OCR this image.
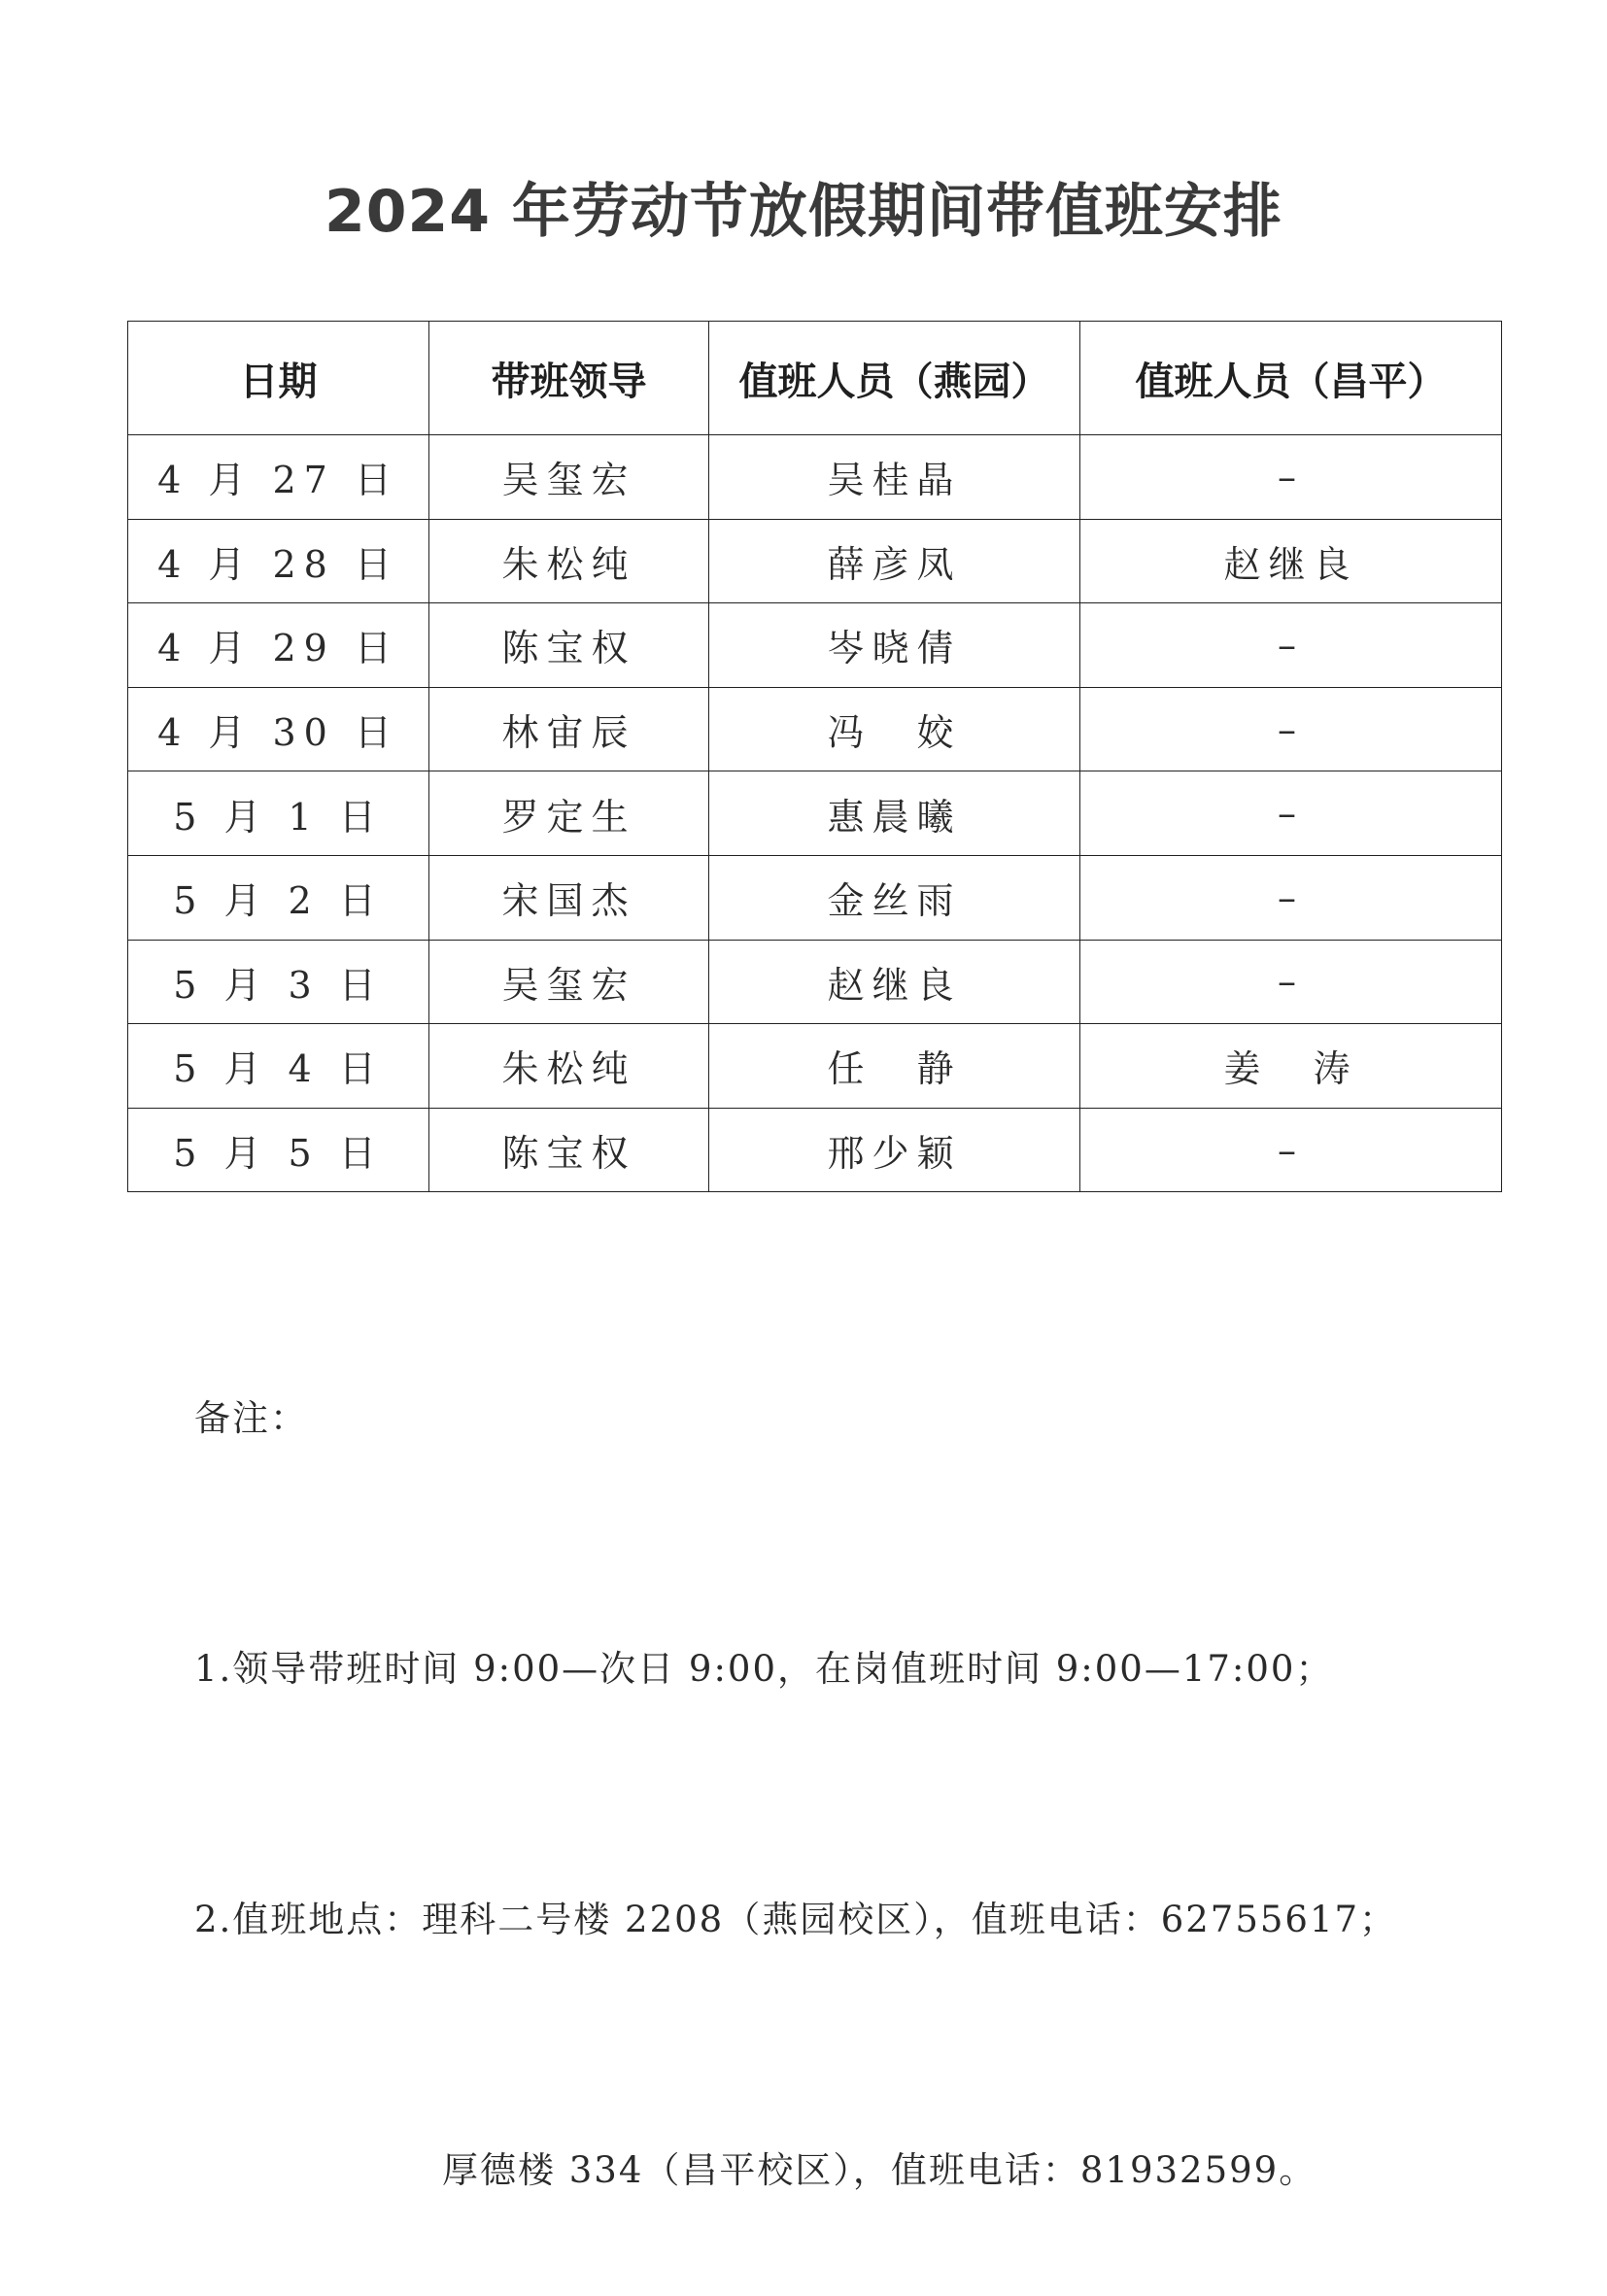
2024 年劳动节放假期间带值班安排
日期	带班领导	值班人员（燕园）	值班人员（昌平）
4 月 27 日	吴玺宏	吴桂晶	–
4 月 28 日	朱松纯	薛彦凤	赵继良
4 月 29 日	陈宝权	岑晓倩	–
4 月 30 日	林宙辰	冯　姣	–
5 月 1 日	罗定生	惠晨曦	–
5 月 2 日	宋国杰	金丝雨	–
5 月 3 日	吴玺宏	赵继良	–
5 月 4 日	朱松纯	任　静	姜　涛
5 月 5 日	陈宝权	邢少颖	–

备注：

1.领导带班时间 9:00—次日 9:00，在岗值班时间 9:00—17:00；

2.值班地点：理科二号楼 2208（燕园校区），值班电话：62755617；

厚德楼 334（昌平校区），值班电话：81932599。
